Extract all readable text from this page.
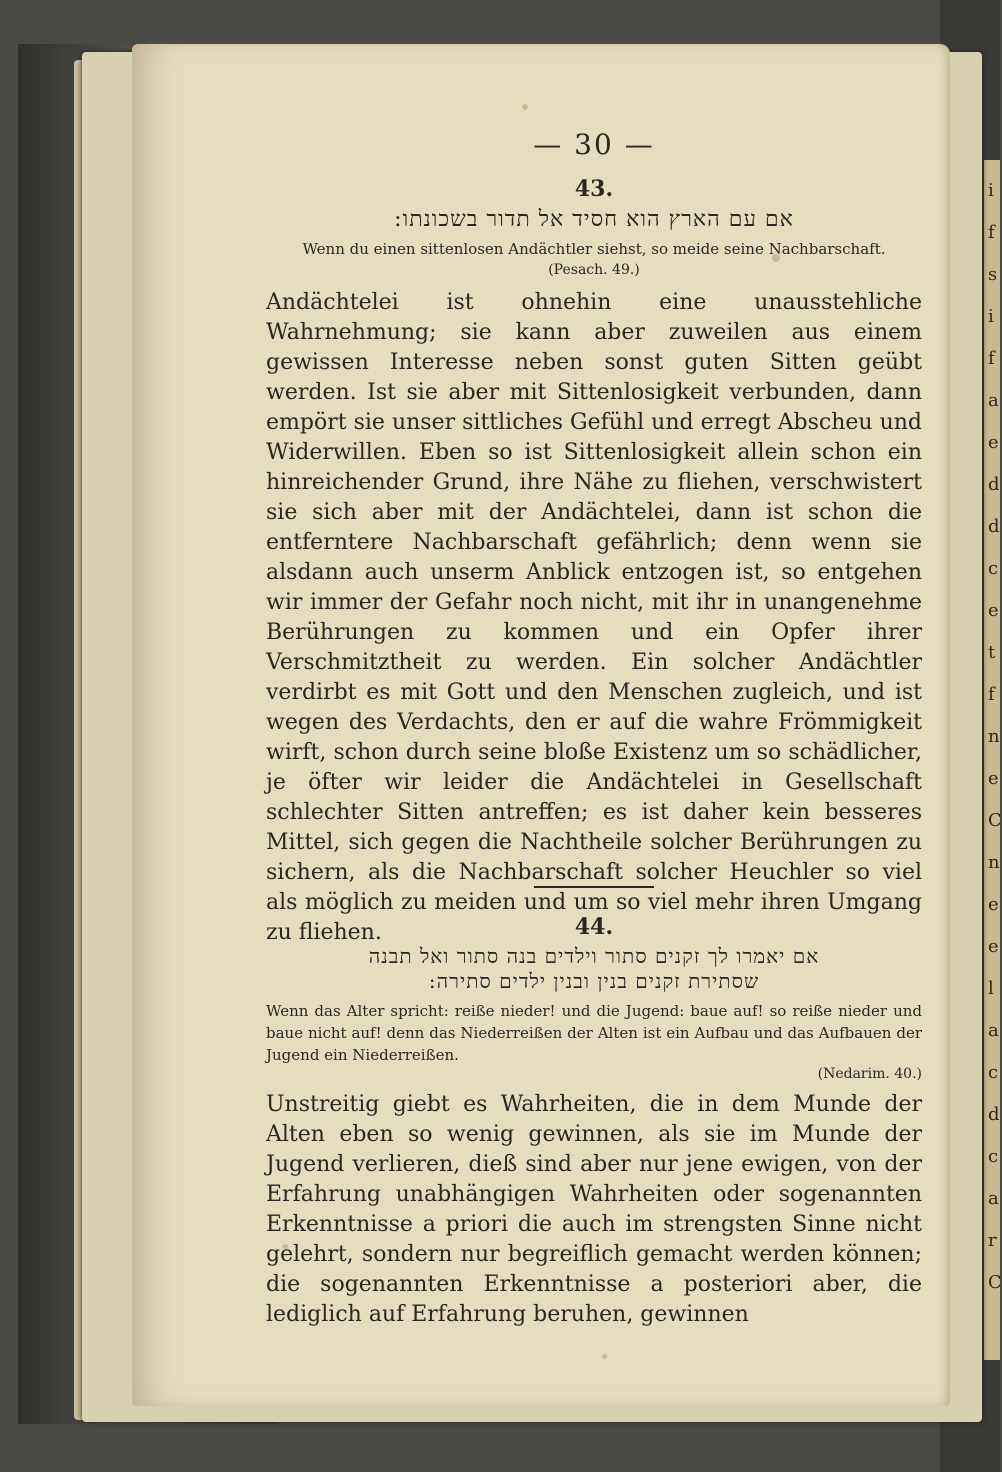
i
f
s
i
f
a
e
d
d
c
e
t
f
n
e
C
n
e
e
l
a
c
d
c
a
r
C
— 30 —
43.
אם עם הארץ הוא חסיד אל תדור בשכונתו:
Wenn du einen sittenlosen Andächtler siehst, so meide seine Nachbarschaft.
(Pesach. 49.)
Andächtelei ist ohnehin eine unausstehliche Wahrnehmung; sie kann aber zuweilen aus einem gewissen Interesse neben sonst guten Sitten geübt werden. Ist sie aber mit Sittenlosigkeit verbunden, dann empört sie unser sittliches Gefühl und erregt Abscheu und Widerwillen. Eben so ist Sittenlosigkeit allein schon ein hinreichender Grund, ihre Nähe zu fliehen, verschwistert sie sich aber mit der Andächtelei, dann ist schon die entferntere Nachbarschaft gefährlich; denn wenn sie alsdann auch unserm Anblick entzogen ist, so entgehen wir immer der Gefahr noch nicht, mit ihr in unangenehme Berührungen zu kommen und ein Opfer ihrer Verschmitztheit zu werden. Ein solcher Andächtler verdirbt es mit Gott und den Menschen zugleich, und ist wegen des Verdachts, den er auf die wahre Frömmigkeit wirft, schon durch seine bloße Existenz um so schädlicher, je öfter wir leider die Andächtelei in Gesellschaft schlechter Sitten antreffen; es ist daher kein besseres Mittel, sich gegen die Nachtheile solcher Berührungen zu sichern, als die Nachbarschaft solcher Heuchler so viel als möglich zu meiden und um so viel mehr ihren Umgang zu fliehen.	44.
אם יאמרו לך זקנים סתור וילדים בנה סתור ואל תבנה
שסתירת זקנים בנין ובנין ילדים סתירה:
Wenn das Alter spricht: reiße nieder! und die Jugend: baue auf! so reiße nieder und baue nicht auf! denn das Niederreißen der Alten ist ein Aufbau und das Aufbauen der Jugend ein Niederreißen.
(Nedarim. 40.)
Unstreitig giebt es Wahrheiten, die in dem Munde der Alten eben so wenig gewinnen, als sie im Munde der Jugend verlieren, dieß sind aber nur jene ewigen, von der Erfahrung unabhängigen Wahrheiten oder sogenannten Erkenntnisse a priori die auch im strengsten Sinne nicht gelehrt, sondern nur begreiflich gemacht werden können; die sogenannten Erkenntnisse a posteriori aber, die lediglich auf Erfahrung beruhen, gewinnen
